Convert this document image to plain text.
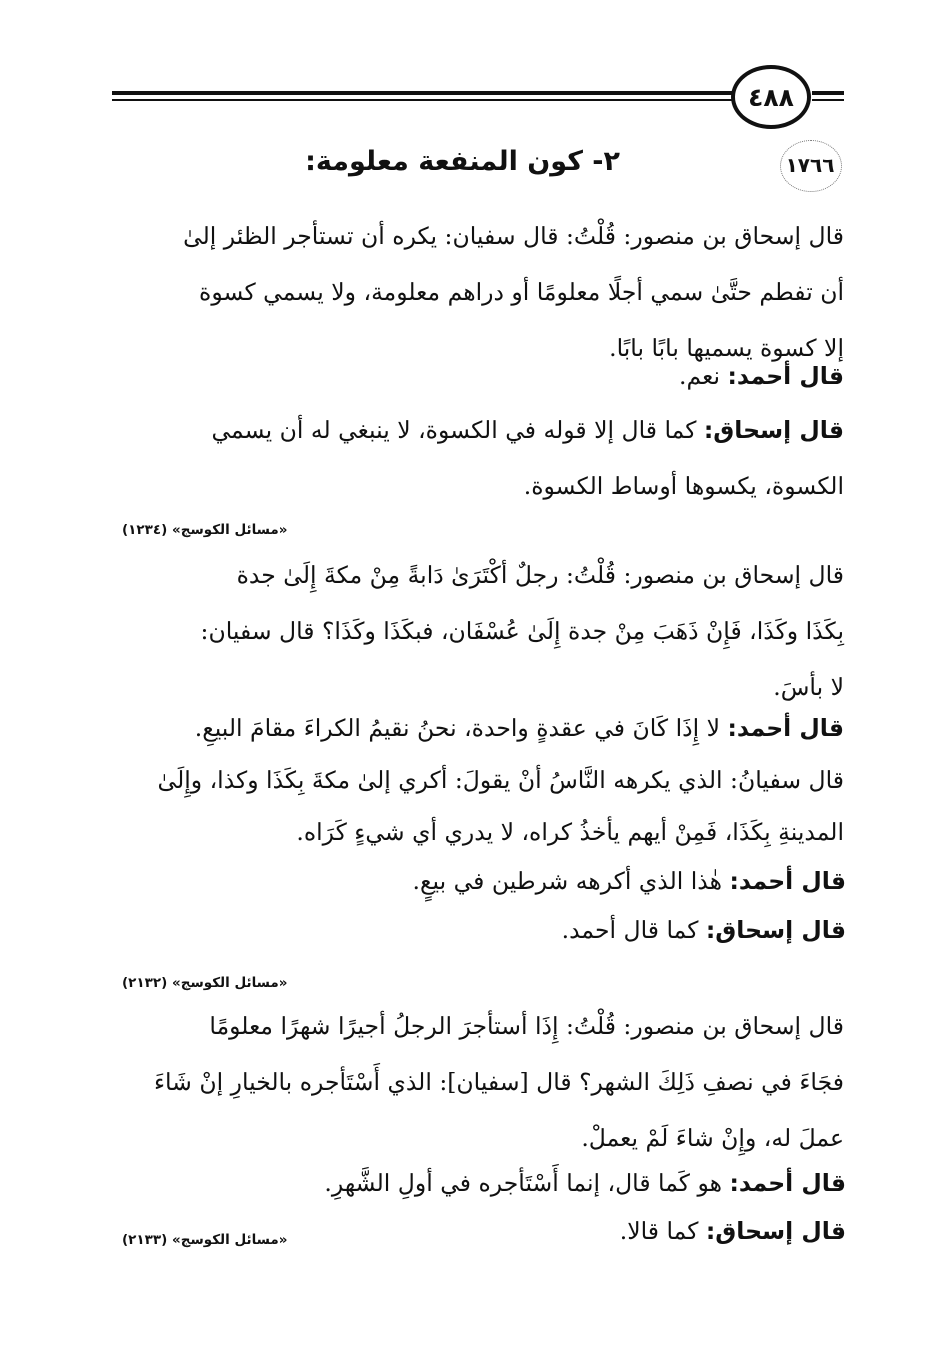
٤٨٨
١٧٦٦
٢- كون المنفعة معلومة:

قال إسحاق بن منصور: قُلْتُ: قال سفيان: يكره أن تستأجر الظئر إلىٰ
أن تفطم حتَّىٰ سمي أجلًا معلومًا أو دراهم معلومة، ولا يسمي كسوة
إلا كسوة يسميها بابًا بابًا.

قال أحمد: نعم.

قال إسحاق: كما قال إلا قوله في الكسوة، لا ينبغي له أن يسمي
الكسوة، يكسوها أوساط الكسوة.

«مسائل الكوسج» (١٢٣٤)

قال إسحاق بن منصور: قُلْتُ: رجلٌ أكْتَرَىٰ دَابةً مِنْ مكةَ إِلَىٰ جدة
بِكَذَا وكَذَا، فَإِنْ ذَهَبَ مِنْ جدة إِلَىٰ عُسْفَان، فبكَذَا وكَذَا؟ قال سفيان:
لا بأسَ.

قال أحمد: لا إِذَا كَانَ في عقدةٍ واحدة، نحنُ نقيمُ الكراءَ مقامَ البيعِ.
قال سفيانُ: الذي يكرهه النَّاسُ أنْ يقولَ: أكري إلىٰ مكةَ بِكَذَا وكذا، وإِلَىٰ
المدينةِ بِكَذَا، فَمِنْ أيهم يأخذُ كراه، لا يدري أي شيءٍ كَرَاه.

قال أحمد: هٰذا الذي أكرهه شرطين في بيعٍ.

قال إسحاق: كما قال أحمد.

«مسائل الكوسج» (٢١٣٢)

قال إسحاق بن منصور: قُلْتُ: إِذَا أستأجرَ الرجلُ أجيرًا شهرًا معلومًا
فجَاءَ في نصفِ ذَلِكَ الشهر؟ قال [سفيان]: الذي أَسْتَأجره بالخيارِ إنْ شَاءَ
عملَ له، وإِنْ شاءَ لَمْ يعملْ.

قال أحمد: هو كَما قال، إنما أَسْتَأجره في أولِ الشَّهرِ.

قال إسحاق: كما قالا.

«مسائل الكوسج» (٢١٣٣)
